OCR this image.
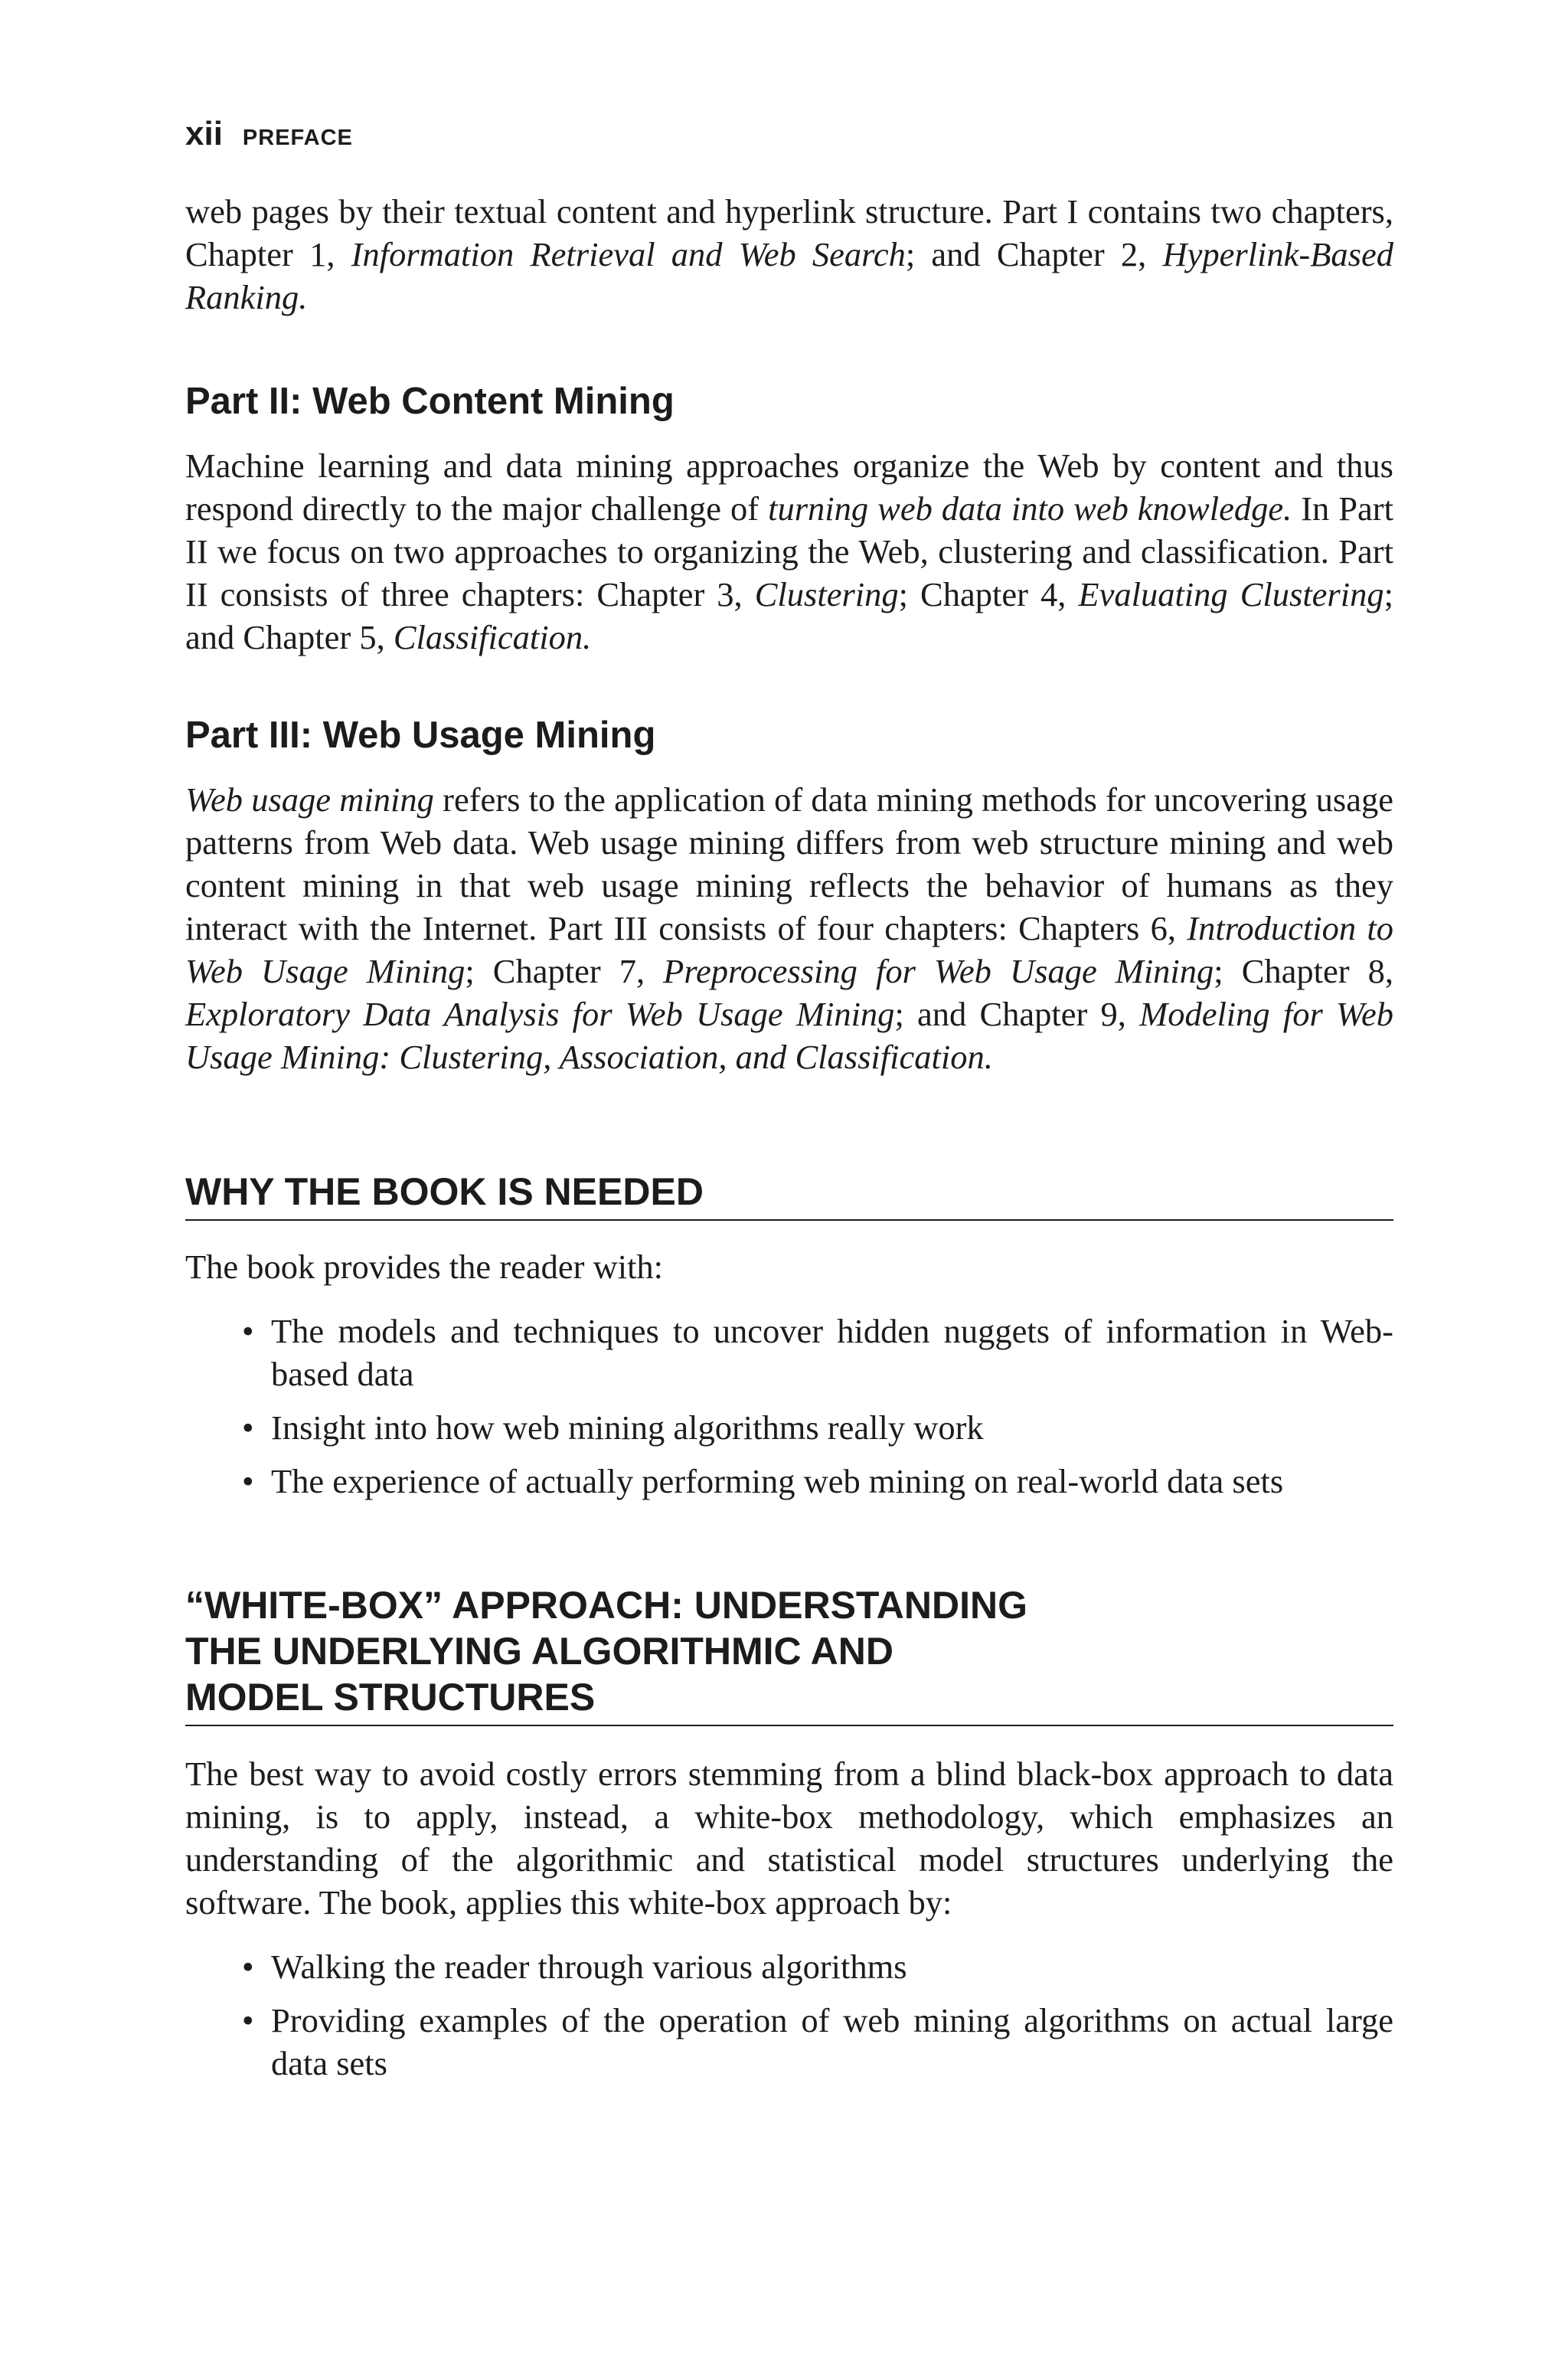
xii PREFACE

web pages by their textual content and hyperlink structure. Part I contains two chapters, Chapter 1, Information Retrieval and Web Search; and Chapter 2, Hyperlink-Based Ranking.

Part II: Web Content Mining

Machine learning and data mining approaches organize the Web by content and thus respond directly to the major challenge of turning web data into web knowledge. In Part II we focus on two approaches to organizing the Web, clustering and classification. Part II consists of three chapters: Chapter 3, Clustering; Chapter 4, Evaluating Clustering; and Chapter 5, Classification.

Part III: Web Usage Mining

Web usage mining refers to the application of data mining methods for uncovering usage patterns from Web data. Web usage mining differs from web structure mining and web content mining in that web usage mining reflects the behavior of humans as they interact with the Internet. Part III consists of four chapters: Chapters 6, Introduction to Web Usage Mining; Chapter 7, Preprocessing for Web Usage Mining; Chapter 8, Exploratory Data Analysis for Web Usage Mining; and Chapter 9, Modeling for Web Usage Mining: Clustering, Association, and Classification.

WHY THE BOOK IS NEEDED

The book provides the reader with:

• The models and techniques to uncover hidden nuggets of information in Web-based data
• Insight into how web mining algorithms really work
• The experience of actually performing web mining on real-world data sets
“WHITE-BOX” APPROACH: UNDERSTANDING
THE UNDERLYING ALGORITHMIC AND
MODEL STRUCTURES

The best way to avoid costly errors stemming from a blind black-box approach to data mining, is to apply, instead, a white-box methodology, which emphasizes an understanding of the algorithmic and statistical model structures underlying the software. The book, applies this white-box approach by:

• Walking the reader through various algorithms
• Providing examples of the operation of web mining algorithms on actual large data sets
